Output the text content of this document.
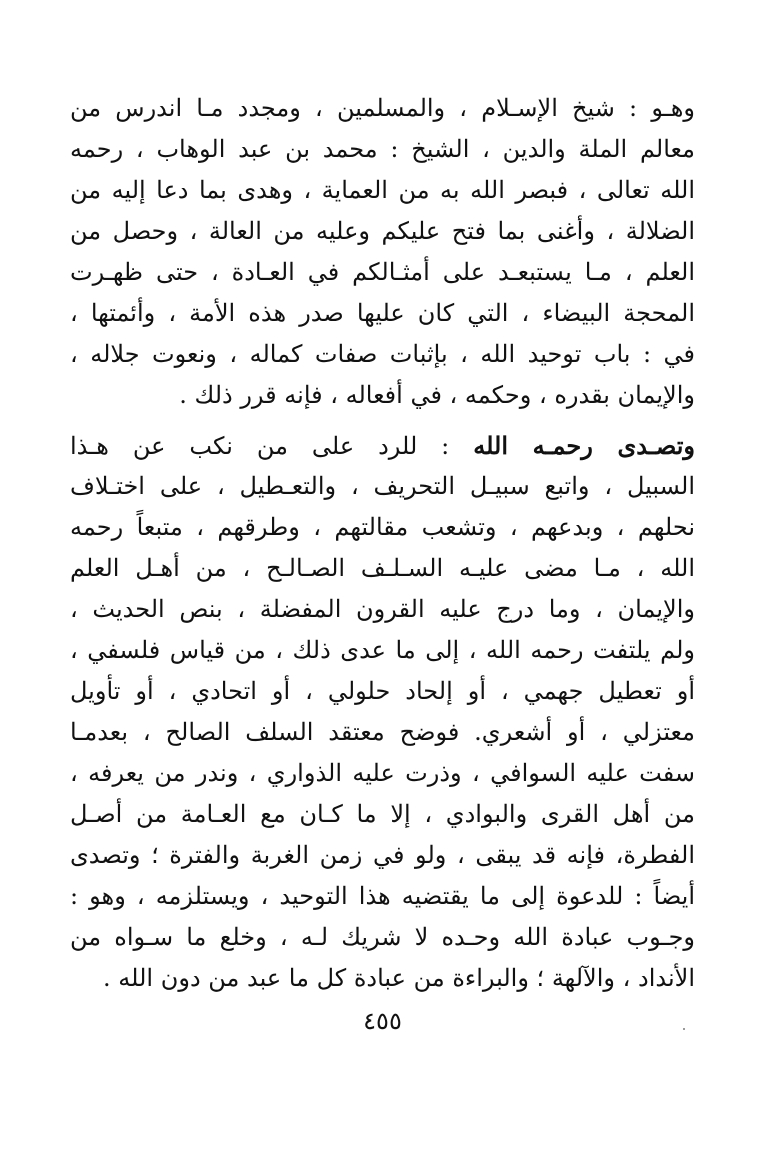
وهـو : شيخ الإسـلام ، والمسلمين ، ومجدد مـا اندرس من
معالم الملة والدين ، الشيخ : محمد بن عبد الوهاب ، رحمه
الله تعالى ، فبصر الله به من العماية ، وهدى بما دعا إليه من
الضلالة ، وأغنى بما فتح عليكم وعليه من العالة ، وحصل من
العلم ، مـا يستبعـد على أمثـالكم في العـادة ، حتى ظهـرت
المحجة البيضاء ، التي كان عليها صدر هذه الأمة ، وأئمتها ،
في : باب توحيد الله ، بإثبات صفات كماله ، ونعوت جلاله ،
والإيمان بقدره ، وحكمه ، في أفعاله ، فإنه قرر ذلك .
وتصـدى رحمـه الله : للرد على من نكب عن هـذا
السبيل ، واتبع سبيـل التحريف ، والتعـطيل ، على اختـلاف
نحلهم ، وبدعهم ، وتشعب مقالتهم ، وطرقهم ، متبعاً رحمه
الله ، مـا مضى عليـه السـلـف الصـالـح ، من أهـل العلم
والإيمان ، وما درج عليه القرون المفضلة ، بنص الحديث ،
ولم يلتفت رحمه الله ، إلى ما عدى ذلك ، من قياس فلسفي ،
أو تعطيل جهمي ، أو إلحاد حلولي ، أو اتحادي ، أو تأويل
معتزلي ، أو أشعري. فوضح معتقد السلف الصالح ، بعدمـا
سفت عليه السوافي ، وذرت عليه الذواري ، وندر من يعرفه ،
من أهل القرى والبوادي ، إلا ما كـان مع العـامة من أصـل
الفطرة، فإنه قد يبقى ، ولو في زمن الغربة والفترة ؛ وتصدى
أيضاً : للدعوة إلى ما يقتضيه هذا التوحيد ، ويستلزمه ، وهو :
وجـوب عبادة الله وحـده لا شريك لـه ، وخلع ما سـواه من
الأنداد ، والآلهة ؛ والبراءة من عبادة كل ما عبد من دون الله .
٤٥٥
